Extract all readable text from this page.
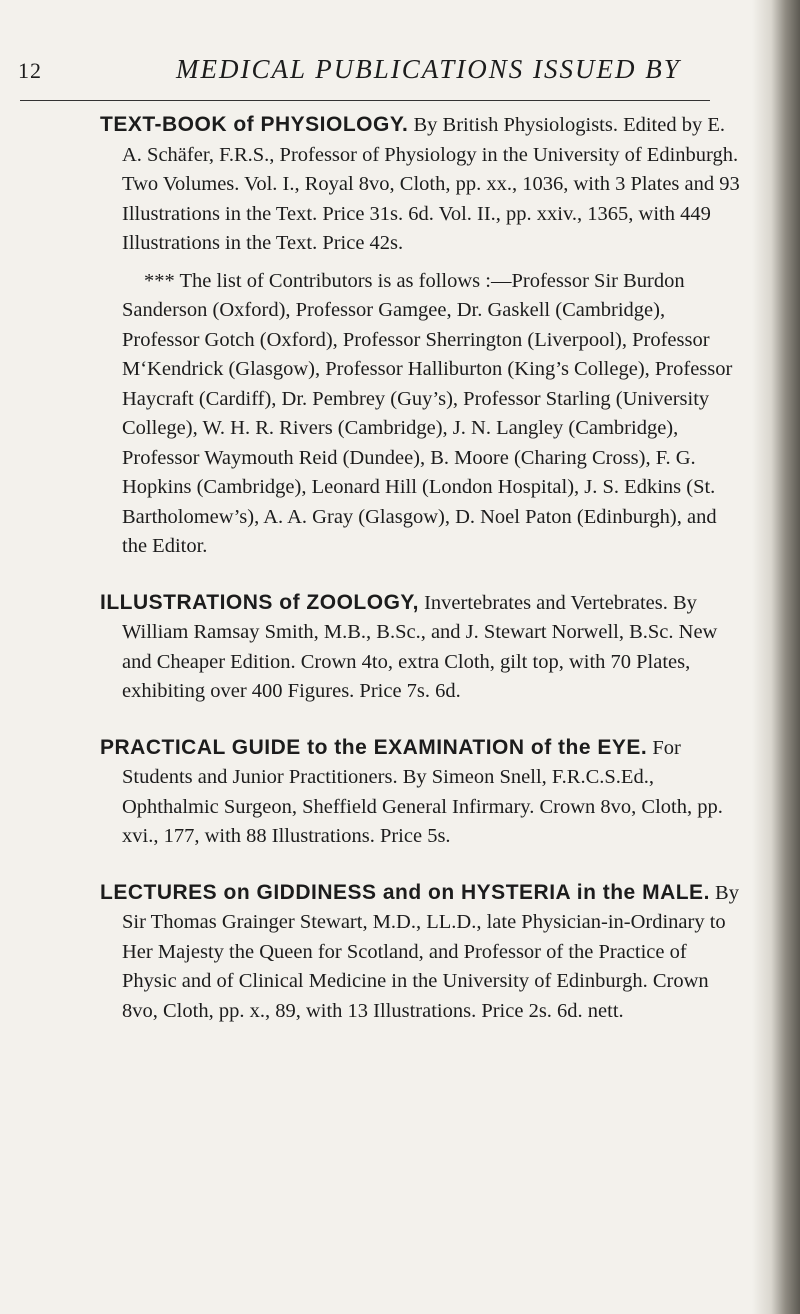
12	MEDICAL PUBLICATIONS ISSUED BY

TEXT-BOOK of PHYSIOLOGY. By British Physiologists. Edited by E. A. Schäfer, F.R.S., Professor of Physiology in the University of Edinburgh. Two Volumes. Vol. I., Royal 8vo, Cloth, pp. xx., 1036, with 3 Plates and 93 Illustrations in the Text. Price 31s. 6d. Vol. II., pp. xxiv., 1365, with 449 Illustrations in the Text. Price 42s.

*** The list of Contributors is as follows :—Professor Sir Burdon Sanderson (Oxford), Professor Gamgee, Dr. Gaskell (Cambridge), Professor Gotch (Oxford), Professor Sherrington (Liverpool), Professor M‘Kendrick (Glasgow), Professor Halliburton (King’s College), Professor Haycraft (Cardiff), Dr. Pembrey (Guy’s), Professor Starling (University College), W. H. R. Rivers (Cambridge), J. N. Langley (Cambridge), Professor Waymouth Reid (Dundee), B. Moore (Charing Cross), F. G. Hopkins (Cambridge), Leonard Hill (London Hospital), J. S. Edkins (St. Bartholomew’s), A. A. Gray (Glasgow), D. Noel Paton (Edinburgh), and the Editor.

ILLUSTRATIONS of ZOOLOGY, Invertebrates and Vertebrates. By William Ramsay Smith, M.B., B.Sc., and J. Stewart Norwell, B.Sc. New and Cheaper Edition. Crown 4to, extra Cloth, gilt top, with 70 Plates, exhibiting over 400 Figures. Price 7s. 6d.

PRACTICAL GUIDE to the EXAMINATION of the EYE. For Students and Junior Practitioners. By Simeon Snell, F.R.C.S.Ed., Ophthalmic Surgeon, Sheffield General Infirmary. Crown 8vo, Cloth, pp. xvi., 177, with 88 Illustrations. Price 5s.

LECTURES on GIDDINESS and on HYSTERIA in the MALE. By Sir Thomas Grainger Stewart, M.D., LL.D., late Physician-in-Ordinary to Her Majesty the Queen for Scotland, and Professor of the Practice of Physic and of Clinical Medicine in the University of Edinburgh. Crown 8vo, Cloth, pp. x., 89, with 13 Illustrations. Price 2s. 6d. nett.
